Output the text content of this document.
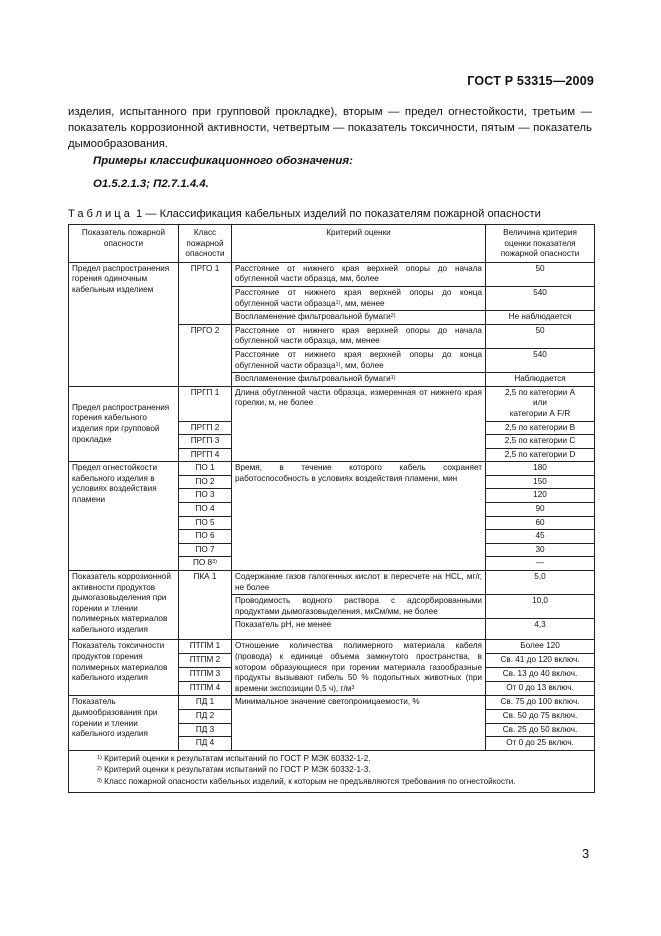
ГОСТ Р 53315—2009
изделия, испытанного при групповой прокладке), вторым — предел огнестойкости, третьим — показатель коррозионной активности, четвертым — показатель токсичности, пятым — показатель дымообразования.
Примеры классификационного обозначения:
О1.5.2.1.3; П2.7.1.4.4.
Таблица 1 — Классификация кабельных изделий по показателям пожарной опасности
Показатель пожарной опасности	Класс пожарной опасности	Критерий оценки	Величина критерия оценки показателя пожарной опасности
Предел распространения горения одиночным кабельным изделием	ПРГО 1	Расстояние от нижнего края верхней опоры до начала обугленной части образца, мм, более	50
		Расстояние от нижнего края верхней опоры до конца обугленной части образца$^{1)}$, мм, менее	540
		Воспламенение фильтровальной бумаги$^{2)}$	Не наблюдается
	ПРГО 2	Расстояние от нижнего края верхней опоры до начала обугленной части образца, мм, менее	50
		Расстояние от нижнего края верхней опоры до конца обугленной части образца$^{1)}$, мм, более	540
		Воспламенение фильтровальной бумаги$^{1)}$	Наблюдается
Предел распространения горения кабельного изделия при групповой прокладке	ПРГП 1	Длина обугленной части образца, измеренная от нижнего края горелки, м, не более	2,5 по категории А
или
категории А F/R

	ПРГП 2		2,5 по категории В
	ПРГП 3		2,5 по категории С
	ПРГП 4		2,5 по категории D
Предел огнестойкости кабельного изделия в условиях воздействия пламени	ПО 1	Время, в течение которого кабель сохраняет работоспособность в условиях воздействия пламени, мин	180
	ПО 2		150
	ПО 3		120
	ПО 4		90
	ПО 5		60
	ПО 6		45
	ПО 7		30
	ПО 8$^{3)}$		—
Показатель коррозионной активности продуктов дымогазовыделения при горении и тлении полимерных материалов кабельного изделия	ПКА 1	Содержание газов галогенных кислот в пересчете на HCL, мг/г, не более	5,0
		Проводимость водного раствора с адсорбированными продуктами дымогазовыделения, мкСм/мм, не более	10,0
		Показатель рН, не менее	4,3
Показатель токсичности продуктов горения полимерных материалов кабельного изделия	ПТПМ 1	Отношение количества полимерного материала кабеля (провода) к единице объема замкнутого пространства, в котором образующиеся при горении материала газообразные продукты вызывают гибель 50 % подопытных животных (при времени экспозиции 0,5 ч), $г/м^3$	Более 120
	ПТПМ 2		Св. 41 до 120 включ.
	ПТПМ 3		Св. 13 до 40 включ.
	ПТПМ 4		От 0 до 13 включ.
Показатель дымообразования при горении и тлении кабельного изделия	ПД 1	Минимальное значение светопроницаемости, %	Св. 75 до 100 включ.
	ПД 2		Св. 50 до 75 включ.
	ПД 3		Св. 25 до 50 включ.
	ПД 4		От 0 до 25 включ.

$^{1)}$ Критерий оценки к результатам испытаний по ГОСТ Р МЭК 60332-1-2.
$^{2)}$ Критерий оценки к результатам испытаний по ГОСТ Р МЭК 60332-1-3.
$^{3)}$ Класс пожарной опасности кабельных изделий, к которым не предъявляются требования по огнестойкости.			
3
